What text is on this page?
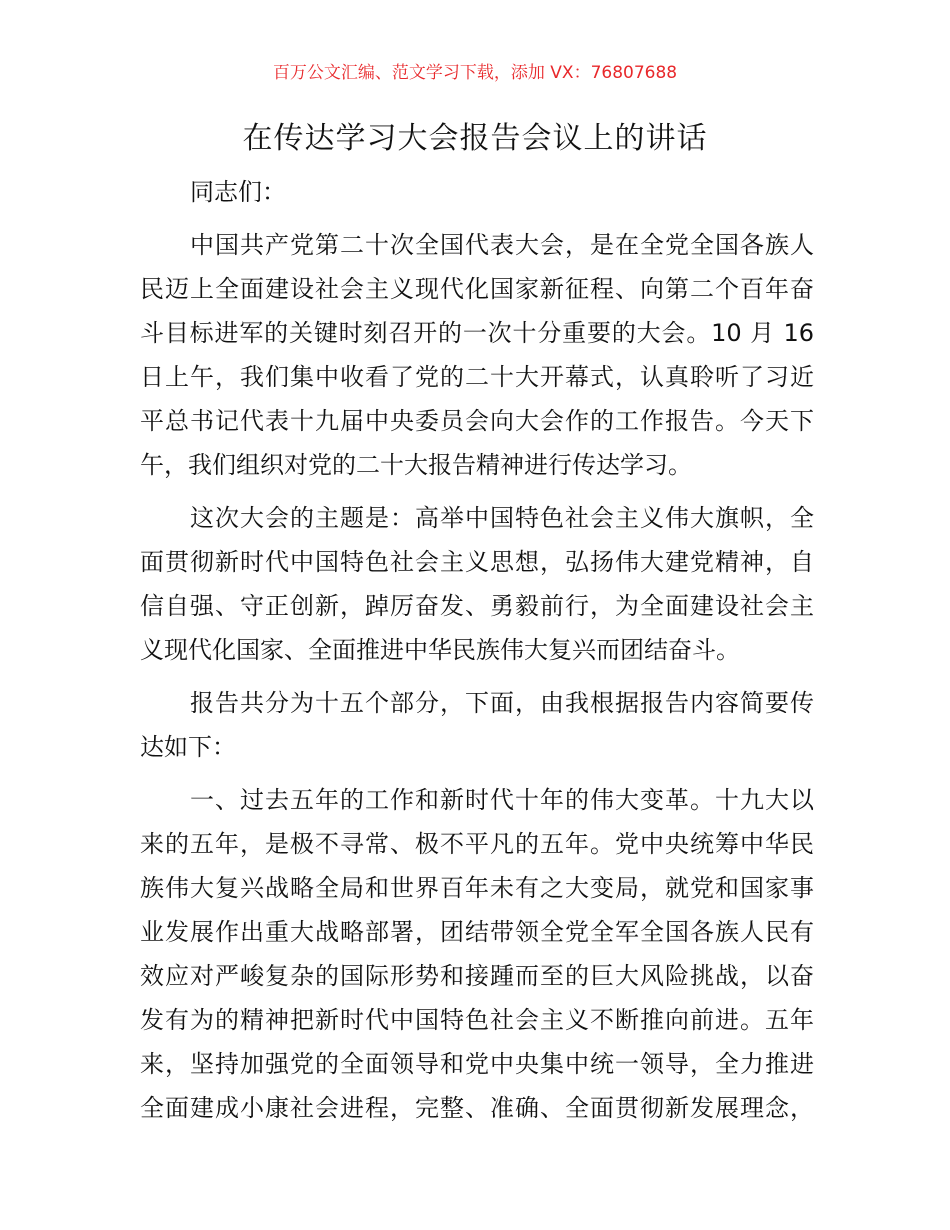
百万公文汇编、范文学习下载，添加 VX：76807688
在传达学习大会报告会议上的讲话
同志们：
中国共产党第二十次全国代表大会，是在全党全国各族人
民迈上全面建设社会主义现代化国家新征程、向第二个百年奋
斗目标进军的关键时刻召开的一次十分重要的大会。10 月 16
日上午，我们集中收看了党的二十大开幕式，认真聆听了习近
平总书记代表十九届中央委员会向大会作的工作报告。今天下
午，我们组织对党的二十大报告精神进行传达学习。
这次大会的主题是：高举中国特色社会主义伟大旗帜，全
面贯彻新时代中国特色社会主义思想，弘扬伟大建党精神，自
信自强、守正创新，踔厉奋发、勇毅前行，为全面建设社会主
义现代化国家、全面推进中华民族伟大复兴而团结奋斗。
报告共分为十五个部分，下面，由我根据报告内容简要传
达如下：
一、过去五年的工作和新时代十年的伟大变革。十九大以
来的五年，是极不寻常、极不平凡的五年。党中央统筹中华民
族伟大复兴战略全局和世界百年未有之大变局，就党和国家事
业发展作出重大战略部署，团结带领全党全军全国各族人民有
效应对严峻复杂的国际形势和接踵而至的巨大风险挑战，以奋
发有为的精神把新时代中国特色社会主义不断推向前进。五年
来，坚持加强党的全面领导和党中央集中统一领导，全力推进
全面建成小康社会进程，完整、准确、全面贯彻新发展理念，
